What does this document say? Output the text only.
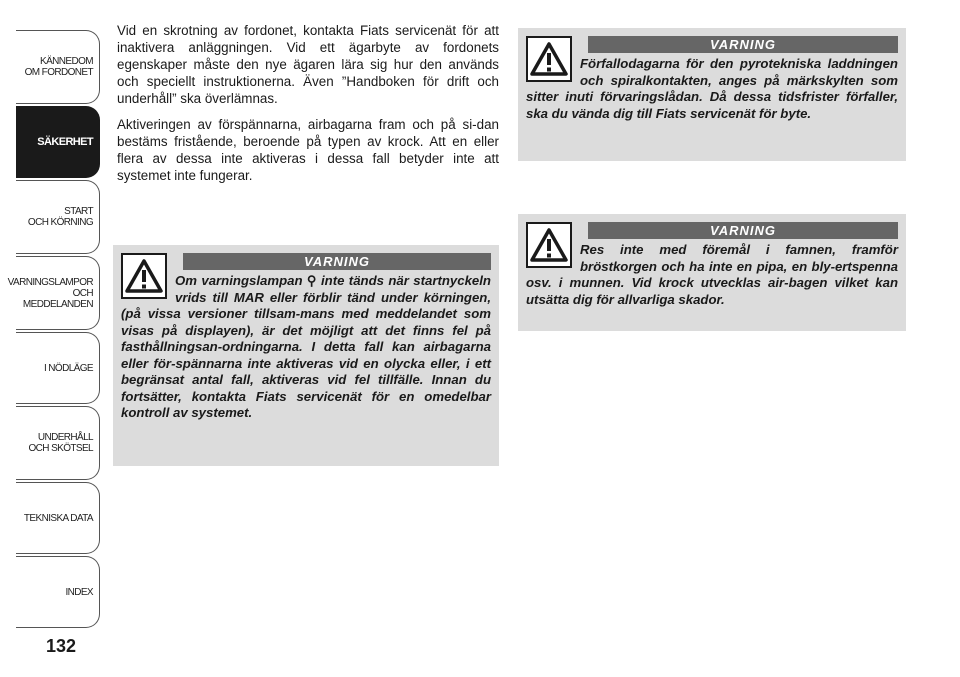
KÄNNEDOM
OM FORDONET
SÄKERHET
START
OCH KÖRNING
VARNINGSLAMPOR
OCH
MEDDELANDEN
I NÖDLÄGE
UNDERHÅLL
OCH SKÖTSEL
TEKNISKA DATA
INDEX
132

Vid en skrotning av fordonet, kontakta Fiats servicenät för att inaktivera anläggningen. Vid ett ägarbyte av fordonets egenskaper måste den nye ägaren lära sig hur den används och speciellt instruktionerna. Även ”Handboken för drift och underhåll” ska överlämnas.

Aktiveringen av förspännarna, airbagarna fram och på si-dan bestäms fristående, beroende på typen av krock. Att en eller flera av dessa inte aktiveras i dessa fall betyder inte att systemet inte fungerar.

VARNING
Om varningslampan ⚲ inte tänds när startnyckeln vrids till MAR eller förblir tänd under körningen, (på vissa versioner tillsam-mans med meddelandet som visas på displayen), är det möjligt att det finns fel på fasthållningsan-ordningarna. I detta fall kan airbagarna eller för-spännarna inte aktiveras vid en olycka eller, i ett begränsat antal fall, aktiveras vid fel tillfälle. Innan du fortsätter, kontakta Fiats servicenät för en omedelbar kontroll av systemet.
VARNING
Förfallodagarna för den pyrotekniska laddningen och spiralkontakten, anges på märkskylten som sitter inuti förvaringslådan. Då dessa tidsfrister förfaller, ska du vända dig till Fiats servicenät för byte.
VARNING
Res inte med föremål i famnen, framför bröstkorgen och ha inte en pipa, en bly-ertspenna osv. i munnen. Vid krock utvecklas air-bagen vilket kan utsätta dig för allvarliga skador.
